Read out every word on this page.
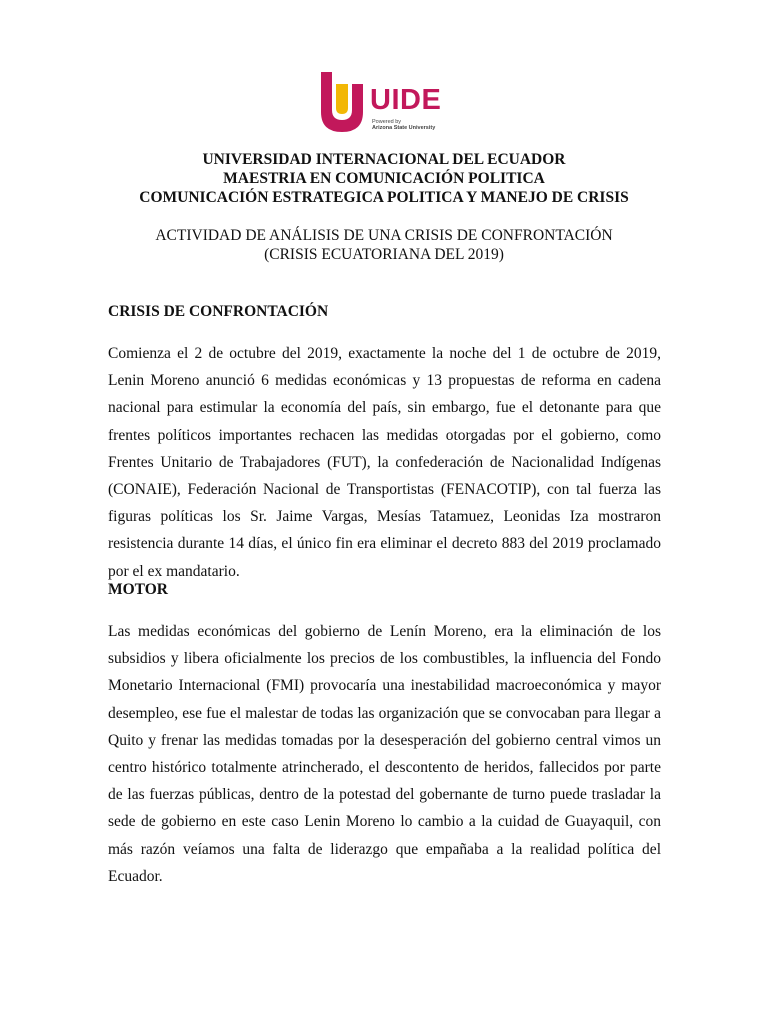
UIDE
Powered by
Arizona State University
UNIVERSIDAD INTERNACIONAL DEL ECUADOR
MAESTRIA EN COMUNICACIÓN POLITICA
COMUNICACIÓN ESTRATEGICA POLITICA Y MANEJO DE CRISIS
ACTIVIDAD DE ANÁLISIS DE UNA CRISIS DE CONFRONTACIÓN
(CRISIS ECUATORIANA DEL 2019)
CRISIS DE CONFRONTACIÓN

Comienza el 2 de octubre del 2019, exactamente la noche del 1 de octubre de 2019, Lenin Moreno anunció 6 medidas económicas y 13 propuestas de reforma en cadena nacional para estimular la economía del país, sin embargo, fue el detonante para que frentes políticos importantes rechacen las medidas otorgadas por el gobierno, como Frentes Unitario de Trabajadores (FUT), la confederación de Nacionalidad Indígenas (CONAIE), Federación Nacional de Transportistas (FENACOTIP), con tal fuerza las figuras políticas los Sr. Jaime Vargas, Mesías Tatamuez, Leonidas Iza mostraron resistencia durante 14 días, el único fin era eliminar el decreto 883 del 2019 proclamado por el ex mandatario.

MOTOR

Las medidas económicas del gobierno de Lenín Moreno, era la eliminación de los subsidios y libera oficialmente los precios de los combustibles, la influencia del Fondo Monetario Internacional (FMI) provocaría una inestabilidad macroeconómica y mayor desempleo, ese fue el malestar de todas las organización que se convocaban para llegar a Quito y frenar las medidas tomadas por la desesperación del gobierno central vimos un centro histórico totalmente atrincherado, el descontento de heridos, fallecidos por parte de las fuerzas públicas, dentro de la potestad del gobernante de turno puede trasladar la sede de gobierno en este caso Lenin Moreno lo cambio a la cuidad de Guayaquil, con más razón veíamos una falta de liderazgo que empañaba a la realidad política del Ecuador.
